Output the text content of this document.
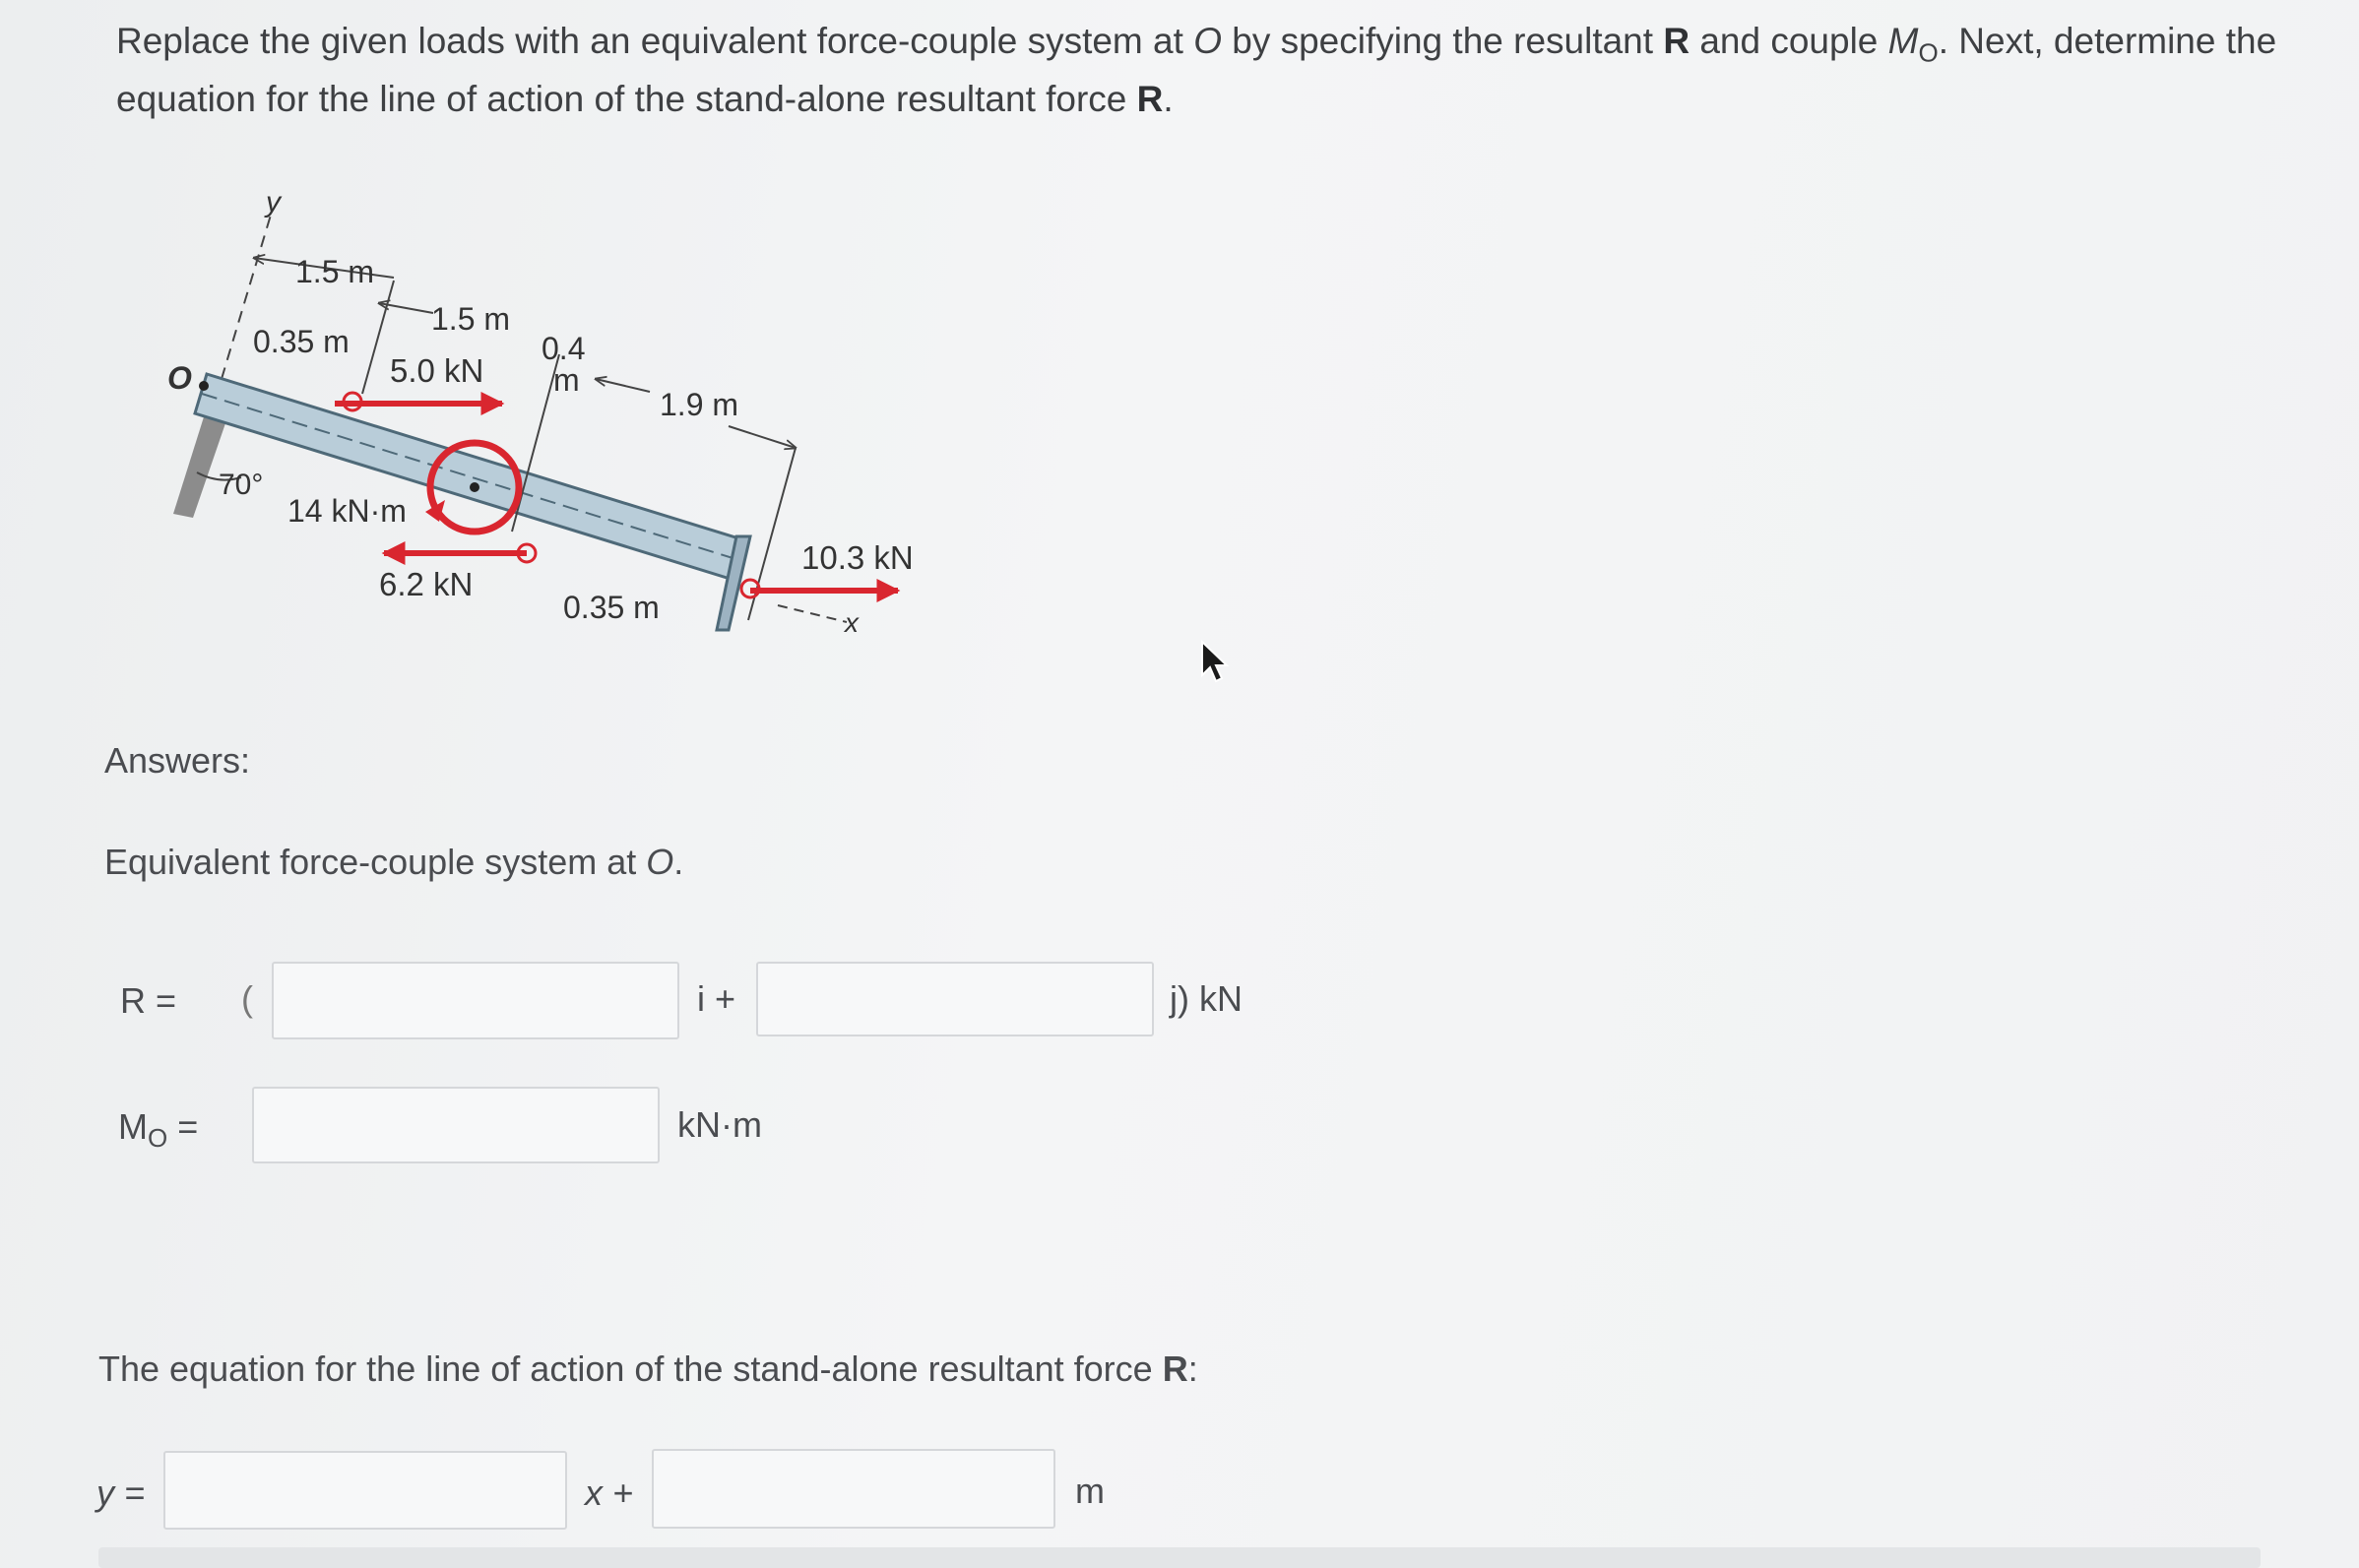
Replace the given loads with an equivalent force-couple system at O by specifying the resultant R and couple $M_O$. Next, determine the equation for the line of action of the stand-alone resultant force R.
y
O
70°
1.5 m
1.5 m
0.35 m	0.4
m
1.9 m
0.35 m
5.0 kN
14 kN·m
6.2 kN
10.3 kN
x
Answers:
Equivalent force-couple system at O.
R = (	i +	j) kN
$M_O$ =	kN·m
The equation for the line of action of the stand-alone resultant force R:
y =	x +	m
